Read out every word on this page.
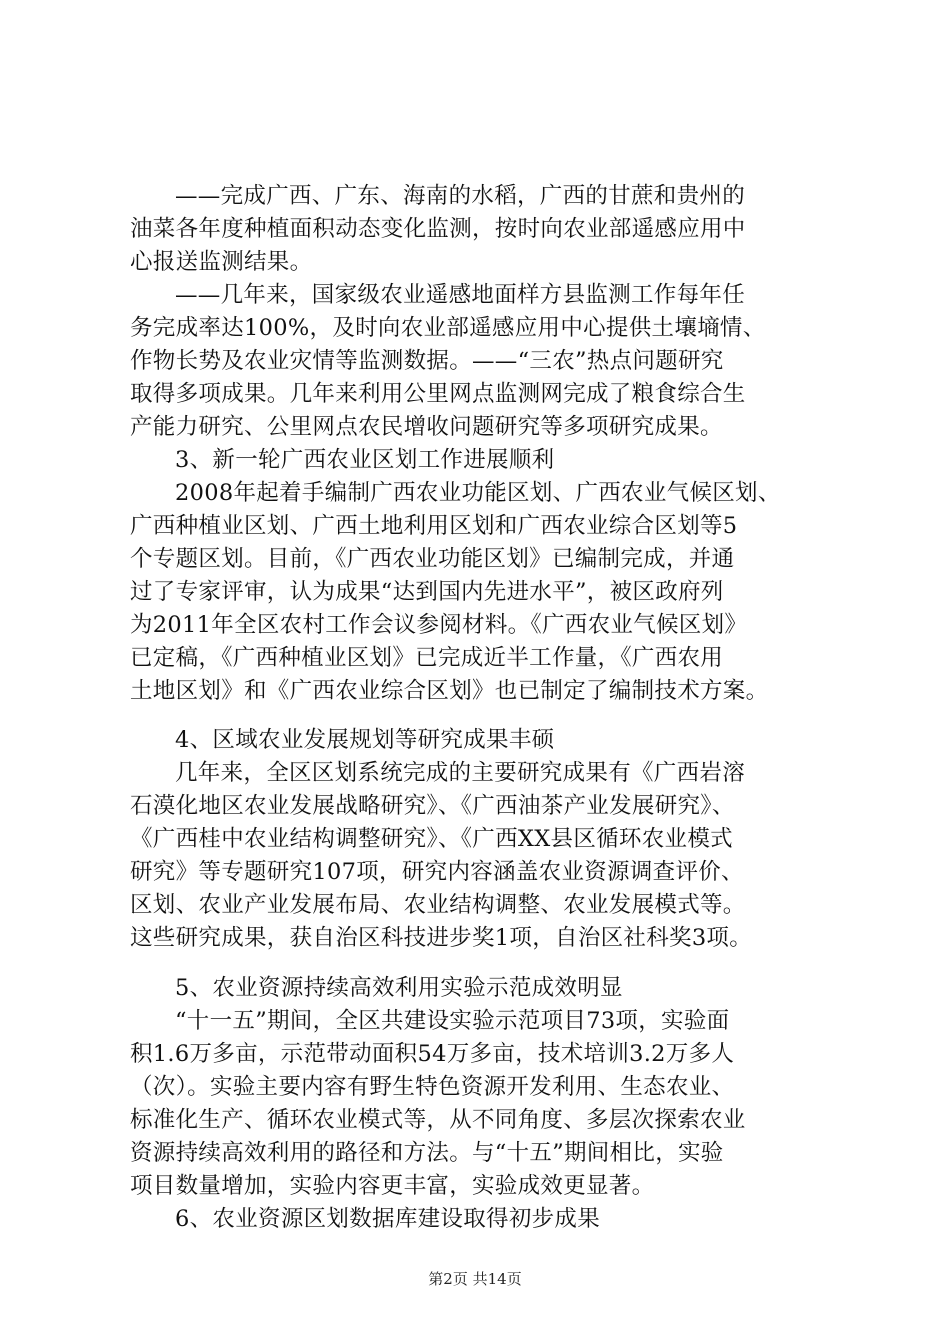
——完成广西、广东、海南的水稻，广西的甘蔗和贵州的
油菜各年度种植面积动态变化监测，按时向农业部遥感应用中
心报送监测结果。
——几年来，国家级农业遥感地面样方县监测工作每年任
务完成率达100%，及时向农业部遥感应用中心提供土壤墒情、
作物长势及农业灾情等监测数据。——“三农”热点问题研究
取得多项成果。几年来利用公里网点监测网完成了粮食综合生
产能力研究、公里网点农民增收问题研究等多项研究成果。
3、新一轮广西农业区划工作进展顺利
2008年起着手编制广西农业功能区划、广西农业气候区划、
广西种植业区划、广西土地利用区划和广西农业综合区划等5
个专题区划。目前，《广西农业功能区划》已编制完成，并通
过了专家评审，认为成果“达到国内先进水平”，被区政府列
为2011年全区农村工作会议参阅材料。《广西农业气候区划》
已定稿，《广西种植业区划》已完成近半工作量，《广西农用
土地区划》和《广西农业综合区划》也已制定了编制技术方案。
4、区域农业发展规划等研究成果丰硕
几年来，全区区划系统完成的主要研究成果有《广西岩溶
石漠化地区农业发展战略研究》、《广西油茶产业发展研究》、
《广西桂中农业结构调整研究》、《广西XX县区循环农业模式
研究》等专题研究107项，研究内容涵盖农业资源调查评价、
区划、农业产业发展布局、农业结构调整、农业发展模式等。
这些研究成果，获自治区科技进步奖1项，自治区社科奖3项。
5、农业资源持续高效利用实验示范成效明显
“十一五”期间，全区共建设实验示范项目73项，实验面
积1.6万多亩，示范带动面积54万多亩，技术培训3.2万多人
（次）。实验主要内容有野生特色资源开发利用、生态农业、
标准化生产、循环农业模式等，从不同角度、多层次探索农业
资源持续高效利用的路径和方法。与“十五”期间相比，实验
项目数量增加，实验内容更丰富，实验成效更显著。
6、农业资源区划数据库建设取得初步成果
第2页 共14页
